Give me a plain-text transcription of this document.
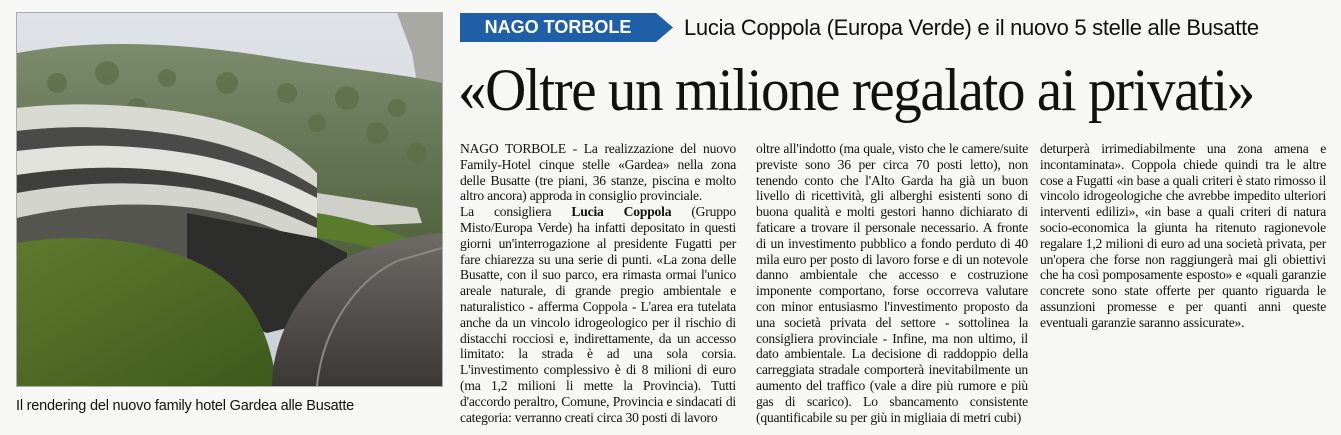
Il rendering del nuovo family hotel Gardea alle Busatte
NAGO TORBOLE	Lucia Coppola (Europa Verde) e il nuovo 5 stelle alle Busatte
«Oltre un milione regalato ai privati»

NAGO TORBOLE - La realizzazione del nuovo Family-Hotel cinque stelle «Gardea» nella zona delle Busatte (tre piani, 36 stanze, piscina e molto altro ancora) approda in consiglio provinciale.

La consigliera Lucia Coppola (Gruppo Misto/Europa Verde) ha infatti depositato in questi giorni un'interrogazione al presidente Fugatti per fare chiarezza su una serie di punti. «La zona delle Busatte, con il suo parco, era rimasta ormai l'unico areale naturale, di grande pregio ambientale e naturalistico - afferma Coppola - L'area era tutelata anche da un vincolo idrogeologico per il rischio di distacchi rocciosi e, indirettamente, da un accesso limitato: la strada è ad una sola corsia. L'investimento complessivo è di 8 milioni di euro (ma 1,2 milioni li mette la Provincia). Tutti d'accordo peraltro, Comune, Provincia e sindacati di categoria: verranno creati circa 30 posti di lavoro

oltre all'indotto (ma quale, visto che le camere/suite previste sono 36 per circa 70 posti letto), non tenendo conto che l'Alto Garda ha già un buon livello di ricettività, gli alberghi esistenti sono di buona qualità e molti gestori hanno dichiarato di faticare a trovare il personale necessario. A fronte di un investimento pubblico a fondo perduto di 40 mila euro per posto di lavoro forse e di un notevole danno ambientale che accesso e costruzione imponente comportano, forse occorreva valutare con minor entusiasmo l'investimento proposto da una società privata del settore - sottolinea la consigliera provinciale - Infine, ma non ultimo, il dato ambientale. La decisione di raddoppio della carreggiata stradale comporterà inevitabilmente un aumento del traffico (vale a dire più rumore e più gas di scarico). Lo sbancamento consistente (quantificabile su per giù in migliaia di metri cubi)

deturperà irrimediabilmente una zona amena e incontaminata». Coppola chiede quindi tra le altre cose a Fugatti «in base a quali criteri è stato rimosso il vincolo idrogeologiche che avrebbe impedito ulteriori interventi edilizi», «in base a quali criteri di natura socio-economica la giunta ha ritenuto ragionevole regalare 1,2 milioni di euro ad una società privata, per un'opera che forse non raggiungerà mai gli obiettivi che ha così pomposamente esposto» e «quali garanzie concrete sono state offerte per quanto riguarda le assunzioni promesse e per quanti anni queste eventuali garanzie saranno assicurate».
